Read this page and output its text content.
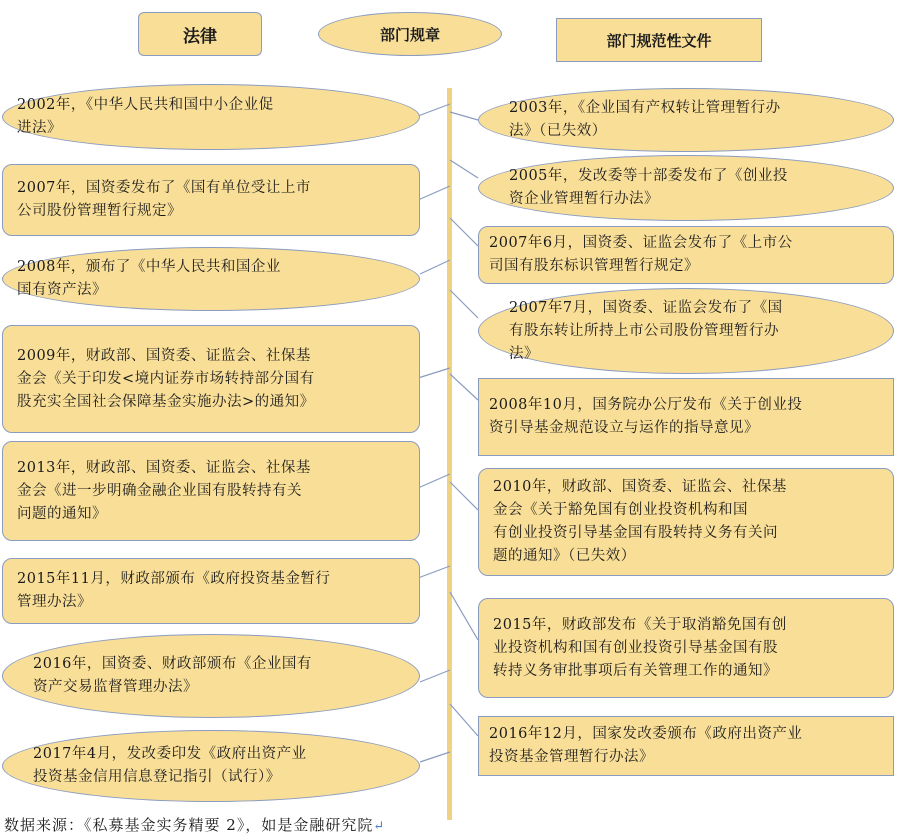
法律	部门规章	部门规范性文件
2002年，《中华人民共和国中小企业促
进法》
2007年，国资委发布了《国有单位受让上市
公司股份管理暂行规定》
2008年，颁布了《中华人民共和国企业
国有资产法》
2009年，财政部、国资委、证监会、社保基
金会《关于印发<境内证券市场转持部分国有
股充实全国社会保障基金实施办法>的通知》
2013年，财政部、国资委、证监会、社保基
金会《进一步明确金融企业国有股转持有关
问题的通知》
2015年11月，财政部颁布《政府投资基金暂行
管理办法》
2016年，国资委、财政部颁布《企业国有
资产交易监督管理办法》
2017年4月，发改委印发《政府出资产业
投资基金信用信息登记指引（试行）》
2003年，《企业国有产权转让管理暂行办
法》（已失效）
2005年，发改委等十部委发布了《创业投
资企业管理暂行办法》
2007年6月，国资委、证监会发布了《上市公
司国有股东标识管理暂行规定》
2007年7月，国资委、证监会发布了《国
有股东转让所持上市公司股份管理暂行办
法》
2008年10月，国务院办公厅发布《关于创业投
资引导基金规范设立与运作的指导意见》
2010年，财政部、国资委、证监会、社保基
金会《关于豁免国有创业投资机构和国
有创业投资引导基金国有股转持义务有关问
题的通知》（已失效）
2015年，财政部发布《关于取消豁免国有创
业投资机构和国有创业投资引导基金国有股
转持义务审批事项后有关管理工作的通知》
2016年12月，国家发改委颁布《政府出资产业
投资基金管理暂行办法》
数据来源：《私募基金实务精要 2》，如是金融研究院↵
